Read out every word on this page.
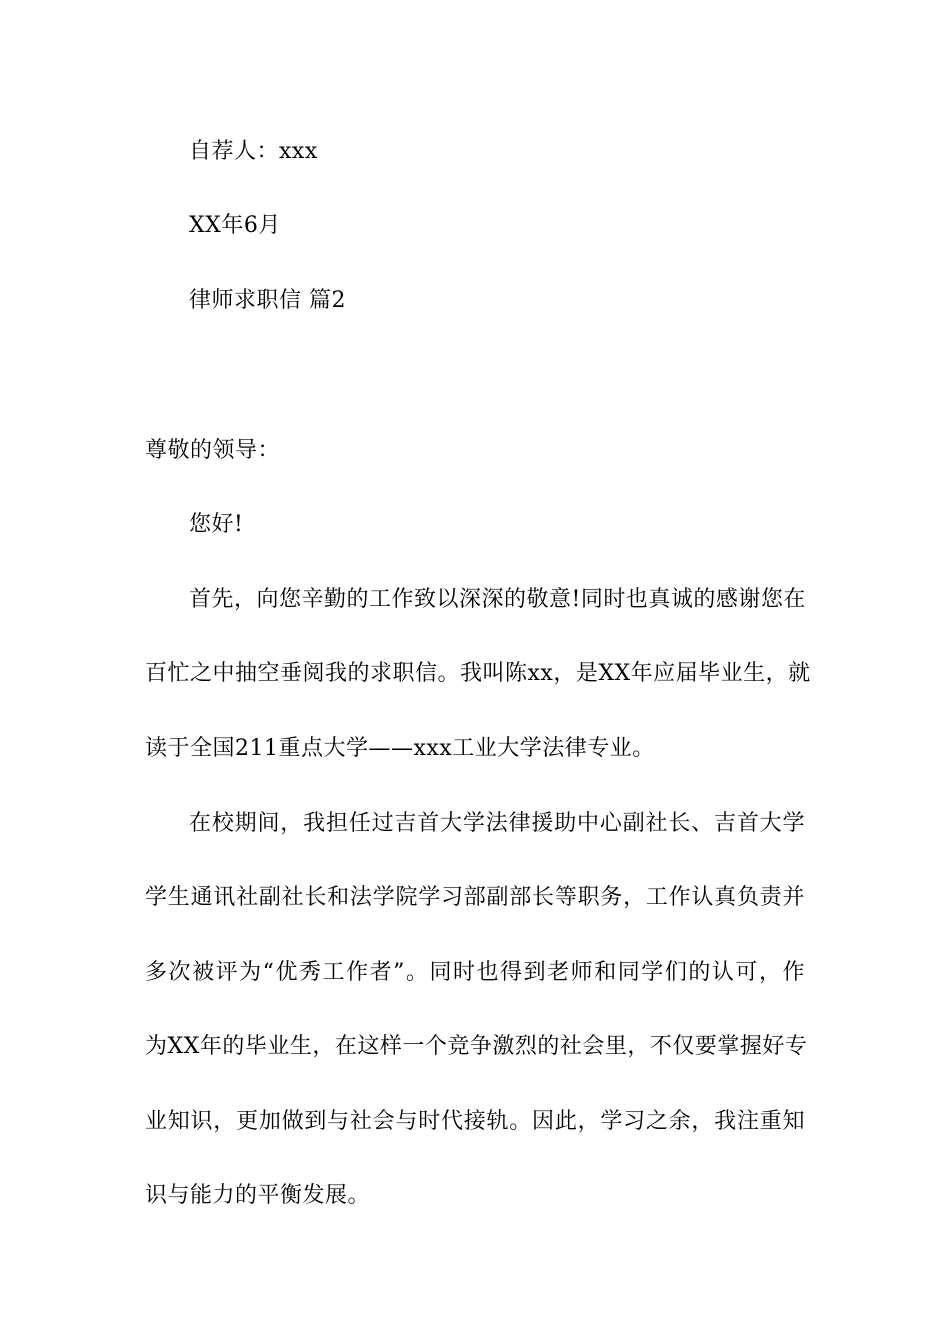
自荐人：xxx
XX年6月
律师求职信 篇2
尊敬的领导：
您好!
首先，向您辛勤的工作致以深深的敬意!同时也真诚的感谢您在
百忙之中抽空垂阅我的求职信。我叫陈xx，是XX年应届毕业生，就
读于全国211重点大学——xxx工业大学法律专业。
在校期间，我担任过吉首大学法律援助中心副社长、吉首大学
学生通讯社副社长和法学院学习部副部长等职务，工作认真负责并
多次被评为“优秀工作者”。同时也得到老师和同学们的认可，作
为XX年的毕业生，在这样一个竞争激烈的社会里，不仅要掌握好专
业知识，更加做到与社会与时代接轨。因此，学习之余，我注重知
识与能力的平衡发展。
